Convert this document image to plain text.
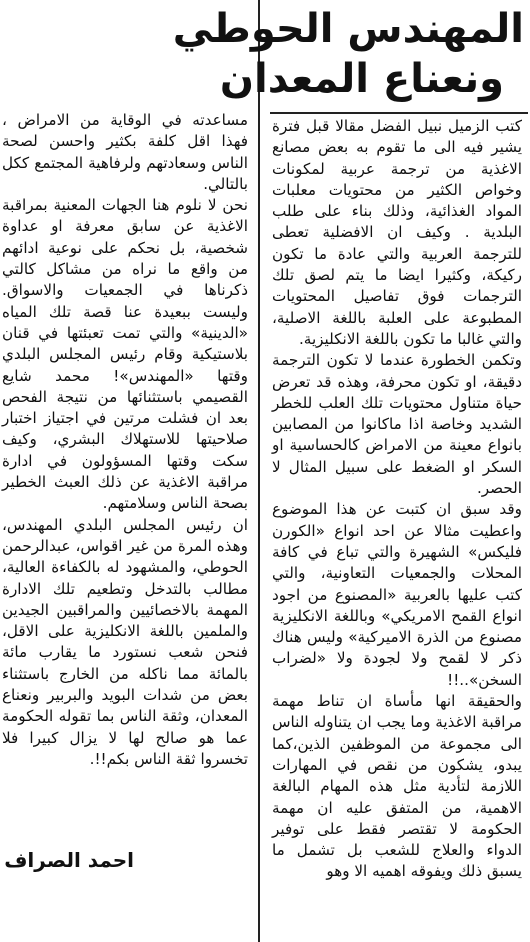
المهندس الحوطي
ونعناع المعدان

كتب الزميل نبيل الفضل مقالا قبل فترة يشير فيه الى ما تقوم به بعض مصانع الاغذية من ترجمة عربية لمكونات وخواص الكثير من محتويات معلبات المواد الغذائية، وذلك بناء على طلب البلدية . وكيف ان الافضلية تعطى للترجمة العربية والتي عادة ما تكون ركيكة، وكثيرا ايضا ما يتم لصق تلك الترجمات فوق تفاصيل المحتويات المطبوعة على العلبة باللغة الاصلية، والتي غالبا ما تكون باللغة الانكليزية.

وتكمن الخطورة عندما لا تكون الترجمة دقيقة، او تكون محرفة، وهذه قد تعرض حياة متناول محتويات تلك العلب للخطر الشديد وخاصة اذا ماكانوا من المصابين بانواع معينة من الامراض كالحساسية او السكر او الضغط على سبيل المثال لا الحصر.

وقد سبق ان كتبت عن هذا الموضوع واعطيت مثالا عن احد انواع «الكورن فليكس» الشهيرة والتي تباع في كافة المحلات والجمعيات التعاونية، والتي كتب عليها بالعربية «المصنوع من اجود انواع القمح الامريكي» وباللغة الانكليزية مصنوع من الذرة الاميركية» وليس هناك ذكر لا لقمح ولا لجودة ولا «لضراب السخن»..!!

والحقيقة انها مأساة ان تناط مهمة مراقبة الاغذية وما يجب ان يتناوله الناس الى مجموعة من الموظفين الذين،كما يبدو، يشكون من نقص في المهارات اللازمة لتأدية مثل هذه المهام البالغة الاهمية، من المتفق عليه ان مهمة الحكومة لا تقتصر فقط على توفير الدواء والعلاج للشعب بل تشمل ما يسبق ذلك ويفوقه اهميه الا وهو

مساعدته في الوقاية من الامراض ، فهذا اقل كلفة بكثير واحسن لصحة الناس وسعادتهم ولرفاهية المجتمع ككل بالتالي.

نحن لا نلوم هنا الجهات المعنية بمراقبة الاغذية عن سابق معرفة او عداوة شخصية، بل نحكم على نوعية ادائهم من واقع ما نراه من مشاكل كالتي ذكرناها في الجمعيات والاسواق. وليست ببعيدة عنا قصة تلك المياه «الدينية» والتي تمت تعبئتها في قنان بلاستيكية وقام رئيس المجلس البلدي وقتها «المهندس»! محمد شايع القصيمي باستثنائها من نتيجة الفحص بعد ان فشلت مرتين في اجتياز اختبار صلاحيتها للاستهلاك البشري، وكيف سكت وقتها المسؤولون في ادارة مراقبة الاغذية عن ذلك العبث الخطير بصحة الناس وسلامتهم.

ان رئيس المجلس البلدي المهندس، وهذه المرة من غير اقواس، عبدالرحمن الحوطي، والمشهود له بالكفاءة العالية، مطالب بالتدخل وتطعيم تلك الادارة المهمة بالاخصائيين والمراقبين الجيدين والملمين باللغة الانكليزية على الاقل، فنحن شعب نستورد ما يقارب مائة بالمائة مما ناكله من الخارج باستثناء بعض من شدات البويد والبربير ونعناع المعدان، وثقة الناس بما تقوله الحكومة عما هو صالح لها لا يزال كبيرا فلا تخسروا ثقة الناس بكم!!.

احمد الصراف
